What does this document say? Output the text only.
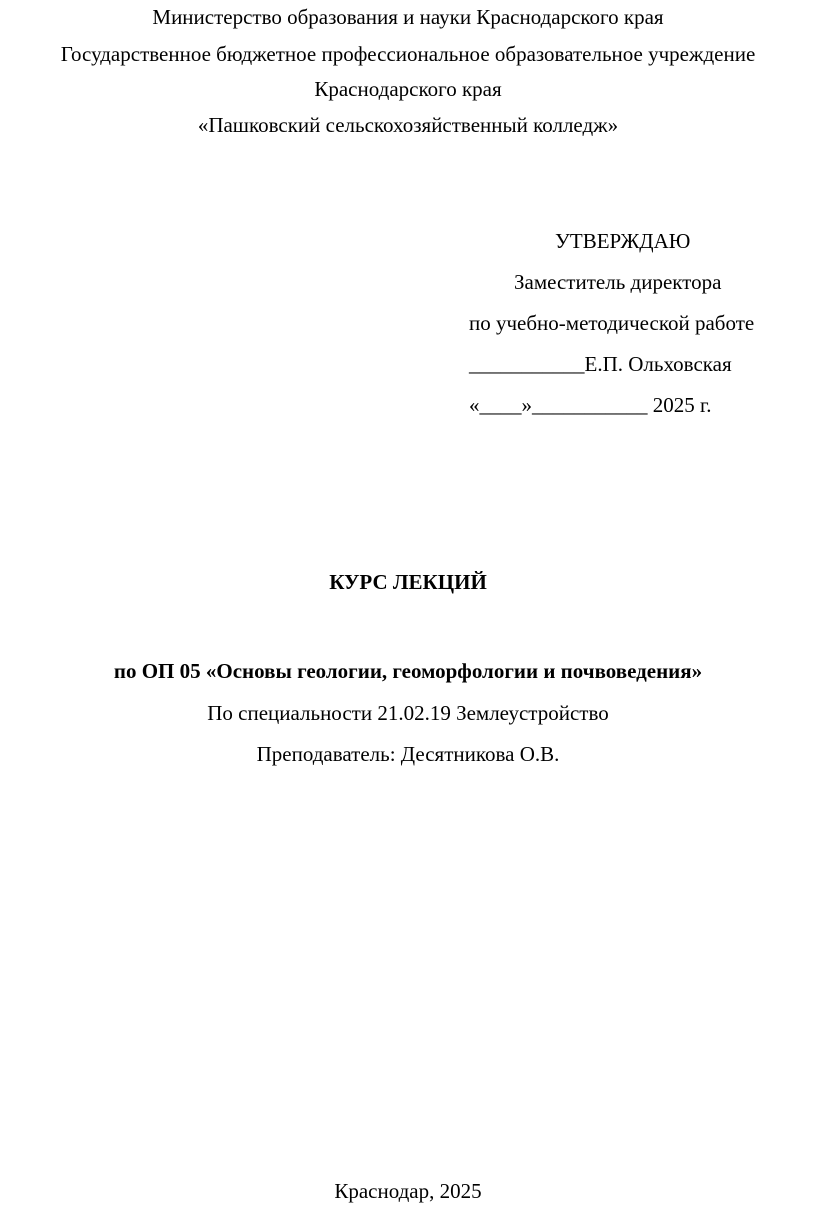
Министерство образования и науки Краснодарского края
Государственное бюджетное профессиональное образовательное учреждение
Краснодарского края
«Пашковский сельскохозяйственный колледж»
УТВЕРЖДАЮ
Заместитель директора
по учебно-методической работе
___________Е.П. Ольховская
«____»___________ 2025 г.
КУРС ЛЕКЦИЙ
по ОП 05 «Основы геологии, геоморфологии и почвоведения»
По специальности 21.02.19 Землеустройство
Преподаватель: Десятникова О.В.
Краснодар, 2025
